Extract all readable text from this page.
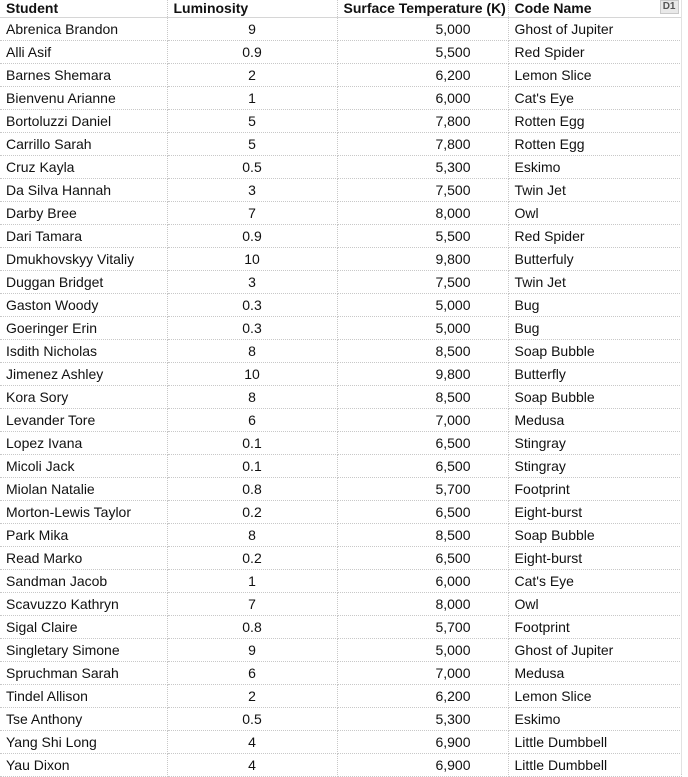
Student	Luminosity	Surface Temperature (K)	Code Name D1

Abrenica Brandon	9	5,000	Ghost of Jupiter
Alli Asif	0.9	5,500	Red Spider
Barnes Shemara	2	6,200	Lemon Slice
Bienvenu Arianne	1	6,000	Cat's Eye
Bortoluzzi Daniel	5	7,800	Rotten Egg
Carrillo Sarah	5	7,800	Rotten Egg
Cruz Kayla	0.5	5,300	Eskimo
Da Silva Hannah	3	7,500	Twin Jet
Darby Bree	7	8,000	Owl
Dari Tamara	0.9	5,500	Red Spider
Dmukhovskyy Vitaliy	10	9,800	Butterfuly
Duggan Bridget	3	7,500	Twin Jet
Gaston Woody	0.3	5,000	Bug
Goeringer Erin	0.3	5,000	Bug
Isdith Nicholas	8	8,500	Soap Bubble
Jimenez Ashley	10	9,800	Butterfly
Kora Sory	8	8,500	Soap Bubble
Levander Tore	6	7,000	Medusa
Lopez Ivana	0.1	6,500	Stingray
Micoli Jack	0.1	6,500	Stingray
Miolan Natalie	0.8	5,700	Footprint
Morton-Lewis Taylor	0.2	6,500	Eight-burst
Park Mika	8	8,500	Soap Bubble
Read Marko	0.2	6,500	Eight-burst
Sandman Jacob	1	6,000	Cat's Eye
Scavuzzo Kathryn	7	8,000	Owl
Sigal Claire	0.8	5,700	Footprint
Singletary Simone	9	5,000	Ghost of Jupiter
Spruchman Sarah	6	7,000	Medusa
Tindel Allison	2	6,200	Lemon Slice
Tse Anthony	0.5	5,300	Eskimo
Yang Shi Long	4	6,900	Little Dumbbell
Yau Dixon	4	6,900	Little Dumbbell
